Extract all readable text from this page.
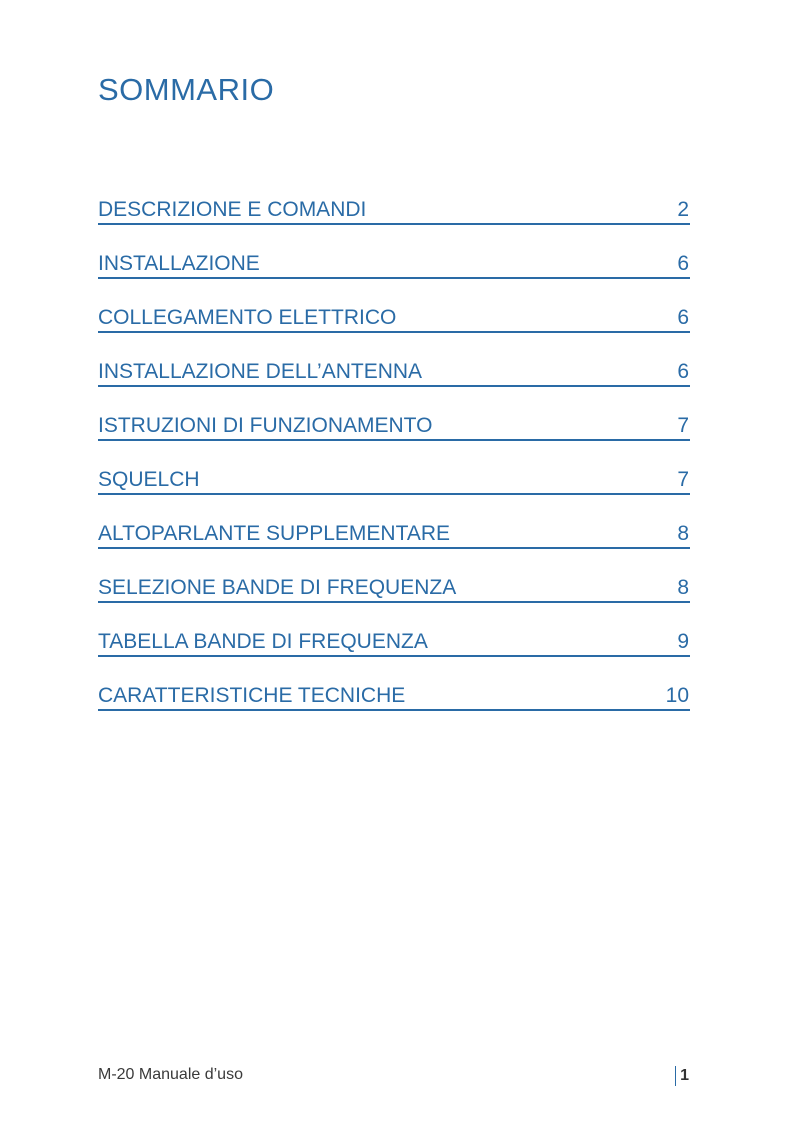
SOMMARIO
DESCRIZIONE E COMANDI	2
INSTALLAZIONE	6
COLLEGAMENTO ELETTRICO	6
INSTALLAZIONE DELL’ANTENNA	6
ISTRUZIONI DI FUNZIONAMENTO	7
SQUELCH	7
ALTOPARLANTE SUPPLEMENTARE	8
SELEZIONE BANDE DI FREQUENZA	8
TABELLA BANDE DI FREQUENZA	9
CARATTERISTICHE TECNICHE	10
M-20 Manuale d’uso	1
